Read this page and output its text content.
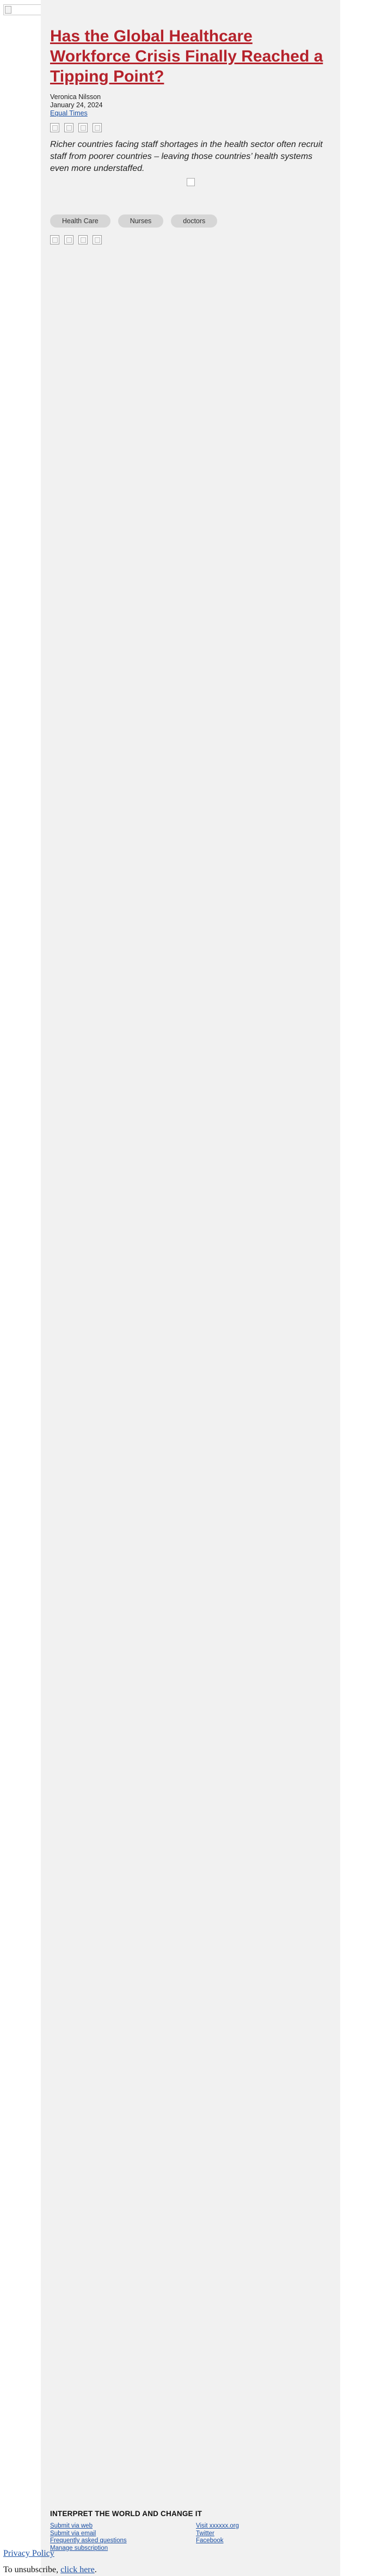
Has the Global Healthcare Workforce Crisis Finally Reached a Tipping Point?
Veronica Nilsson
January 24, 2024
Equal Times

Richer countries facing staff shortages in the health sector often recruit staff from poorer countries – leaving those countries’ health systems even more understaffed.

Health Care	Nurses	doctors
INTERPRET THE WORLD AND CHANGE IT
Submit via web
Submit via email
Frequently asked questions
Manage subscription
Visit xxxxxx.org
Twitter
Facebook
Privacy Policy
To unsubscribe, click here.
